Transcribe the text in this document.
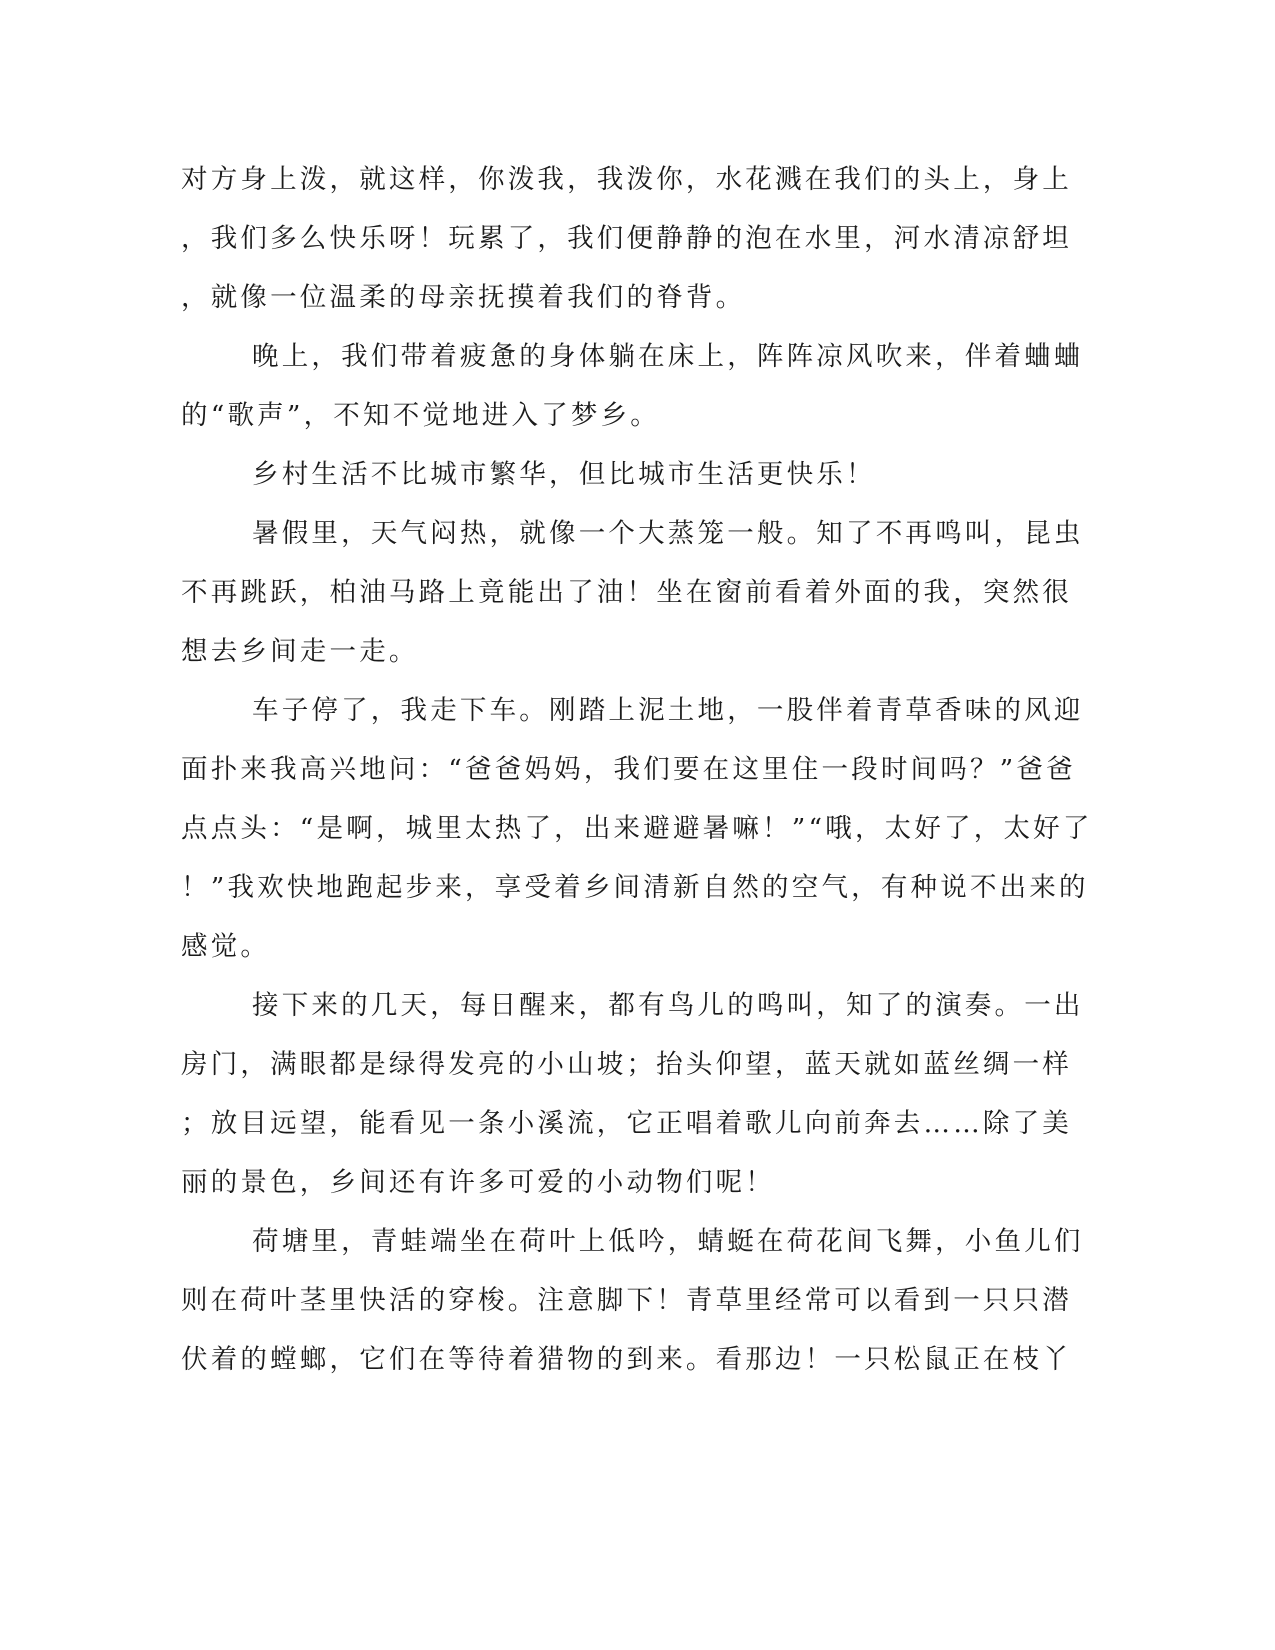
对方身上泼，就这样，你泼我，我泼你，水花溅在我们的头上，身上
，我们多么快乐呀！玩累了，我们便静静的泡在水里，河水清凉舒坦
，就像一位温柔的母亲抚摸着我们的脊背。
晚上，我们带着疲惫的身体躺在床上，阵阵凉风吹来，伴着蛐蛐
的“歌声”，不知不觉地进入了梦乡。
乡村生活不比城市繁华，但比城市生活更快乐！
暑假里，天气闷热，就像一个大蒸笼一般。知了不再鸣叫，昆虫
不再跳跃，柏油马路上竟能出了油！坐在窗前看着外面的我，突然很
想去乡间走一走。
车子停了，我走下车。刚踏上泥土地，一股伴着青草香味的风迎
面扑来我高兴地问：“爸爸妈妈，我们要在这里住一段时间吗？”爸爸
点点头：“是啊，城里太热了，出来避避暑嘛！”“哦，太好了，太好了
！”我欢快地跑起步来，享受着乡间清新自然的空气，有种说不出来的
感觉。
接下来的几天，每日醒来，都有鸟儿的鸣叫，知了的演奏。一出
房门，满眼都是绿得发亮的小山坡；抬头仰望，蓝天就如蓝丝绸一样
；放目远望，能看见一条小溪流，它正唱着歌儿向前奔去……除了美
丽的景色，乡间还有许多可爱的小动物们呢！
荷塘里，青蛙端坐在荷叶上低吟，蜻蜓在荷花间飞舞，小鱼儿们
则在荷叶茎里快活的穿梭。注意脚下！青草里经常可以看到一只只潜
伏着的螳螂，它们在等待着猎物的到来。看那边！一只松鼠正在枝丫
